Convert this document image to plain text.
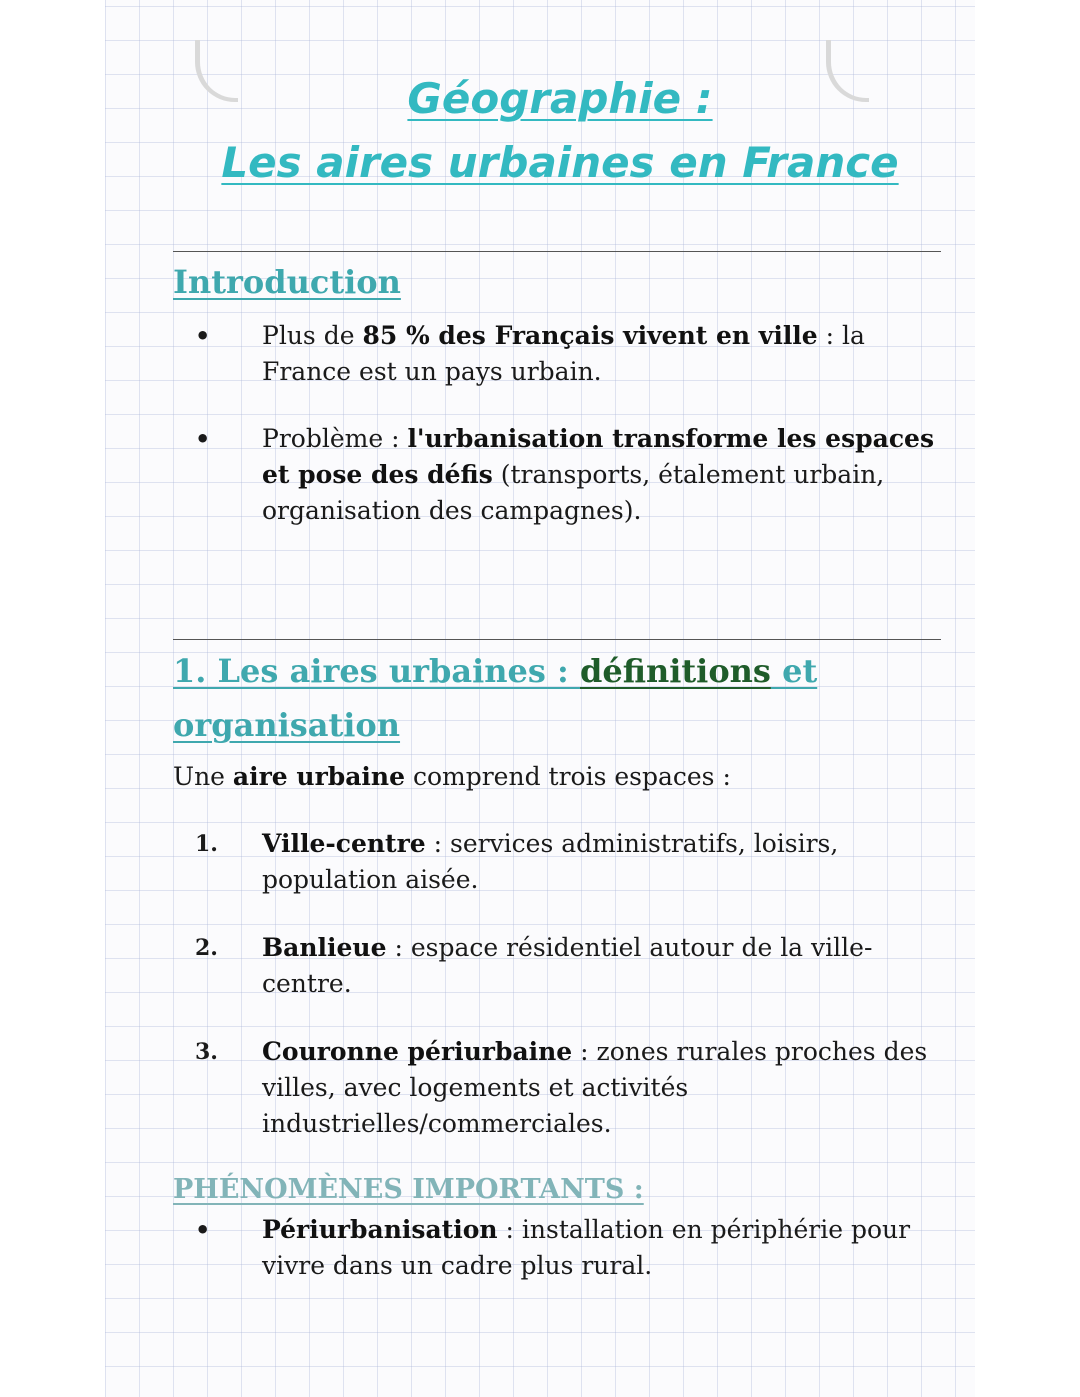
Géographie :
Les aires urbaines en France
Introduction
•	Plus de 85 % des Français vivent en ville : la France est un pays urbain.
•	Problème : l'urbanisation transforme les espaces et pose des défis (transports, étalement urbain, organisation des campagnes).
1. Les aires urbaines : définitions et
organisation
Une aire urbaine comprend trois espaces :
1.	Ville-centre : services administratifs, loisirs, population aisée.
2.	Banlieue : espace résidentiel autour de la ville-centre.
3.	Couronne périurbaine : zones rurales proches des villes, avec logements et activités industrielles/commerciales.
PHÉNOMÈNES IMPORTANTS :
•	Périurbanisation : installation en périphérie pour vivre dans un cadre plus rural.
